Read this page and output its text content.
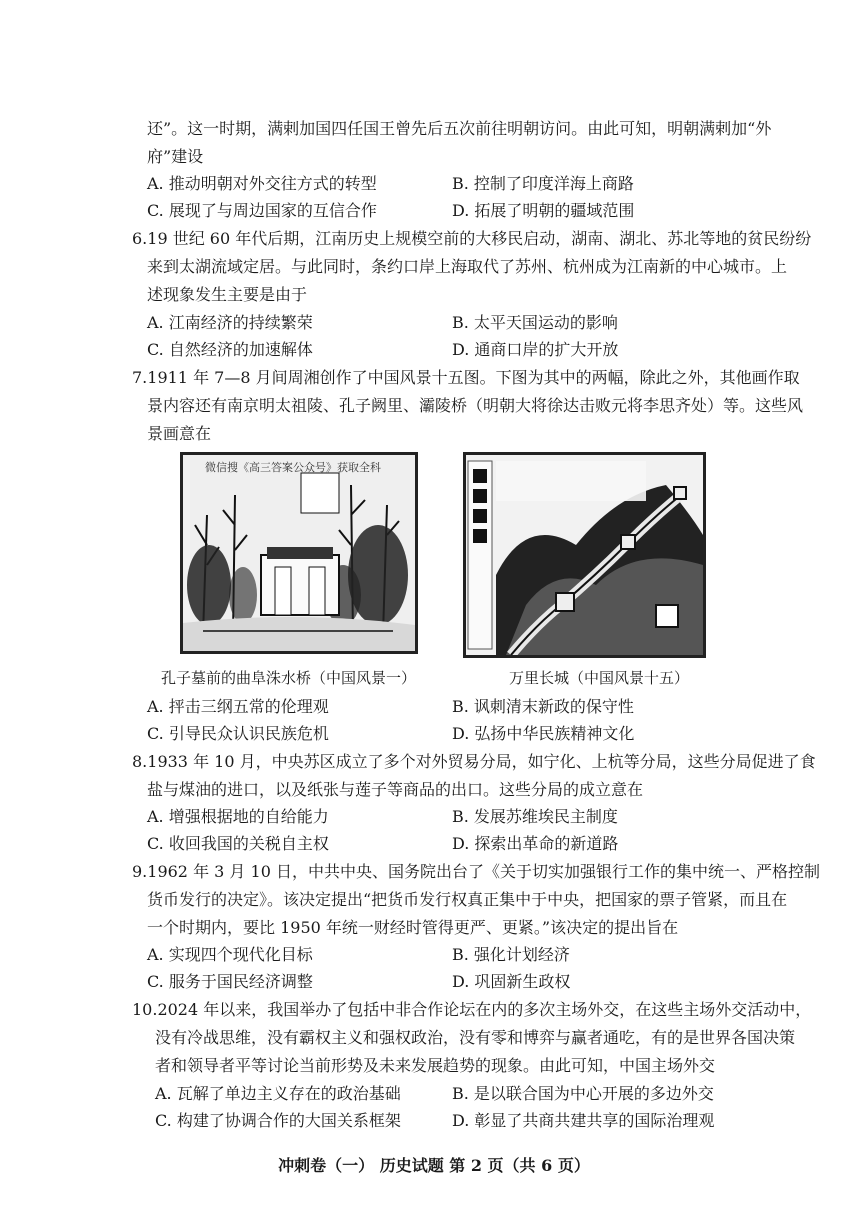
还”。这一时期，满剌加国四任国王曾先后五次前往明朝访问。由此可知，明朝满剌加“外
府”建设
A. 推动明朝对外交往方式的转型	B. 控制了印度洋海上商路
C. 展现了与周边国家的互信合作	D. 拓展了明朝的疆域范围
6.19 世纪 60 年代后期，江南历史上规模空前的大移民启动，湖南、湖北、苏北等地的贫民纷纷
来到太湖流域定居。与此同时，条约口岸上海取代了苏州、杭州成为江南新的中心城市。上
述现象发生主要是由于
A. 江南经济的持续繁荣	B. 太平天国运动的影响
C. 自然经济的加速解体	D. 通商口岸的扩大开放
7.1911 年 7—8 月间周湘创作了中国风景十五图。下图为其中的两幅，除此之外，其他画作取
景内容还有南京明太祖陵、孔子阙里、灞陵桥（明朝大将徐达击败元将李思齐处）等。这些风
景画意在
微信搜《高三答案公众号》获取全科
孔子墓前的曲阜洙水桥（中国风景一）	万里长城（中国风景十五）
A. 抨击三纲五常的伦理观	B. 讽刺清末新政的保守性
C. 引导民众认识民族危机	D. 弘扬中华民族精神文化
8.1933 年 10 月，中央苏区成立了多个对外贸易分局，如宁化、上杭等分局，这些分局促进了食
盐与煤油的进口，以及纸张与莲子等商品的出口。这些分局的成立意在
A. 增强根据地的自给能力	B. 发展苏维埃民主制度
C. 收回我国的关税自主权	D. 探索出革命的新道路
9.1962 年 3 月 10 日，中共中央、国务院出台了《关于切实加强银行工作的集中统一、严格控制
货币发行的决定》。该决定提出“把货币发行权真正集中于中央，把国家的票子管紧，而且在
一个时期内，要比 1950 年统一财经时管得更严、更紧。”该决定的提出旨在
A. 实现四个现代化目标	B. 强化计划经济
C. 服务于国民经济调整	D. 巩固新生政权
10.2024 年以来，我国举办了包括中非合作论坛在内的多次主场外交，在这些主场外交活动中，
没有冷战思维，没有霸权主义和强权政治，没有零和博弈与赢者通吃，有的是世界各国决策
者和领导者平等讨论当前形势及未来发展趋势的现象。由此可知，中国主场外交
A. 瓦解了单边主义存在的政治基础	B. 是以联合国为中心开展的多边外交
C. 构建了协调合作的大国关系框架	D. 彰显了共商共建共享的国际治理观
冲刺卷（一） 历史试题 第 2 页（共 6 页）
